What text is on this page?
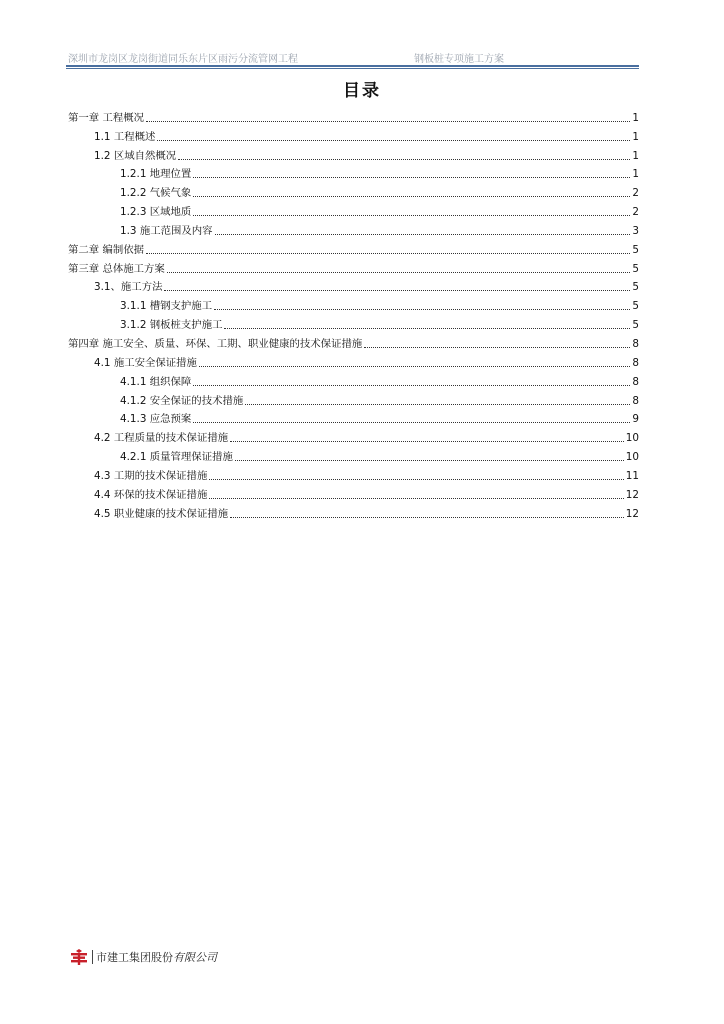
深圳市龙岗区龙岗街道同乐东片区雨污分流管网工程	钢板桩专项施工方案
目录
第一章 工程概况	1
1.1 工程概述	1
1.2 区域自然概况	1
1.2.1 地理位置	1
1.2.2 气候气象	2
1.2.3 区域地质	2
1.3 施工范围及内容	3
第二章 编制依据	5
第三章 总体施工方案	5
3.1、施工方法	5
3.1.1 槽钢支护施工	5
3.1.2 钢板桩支护施工	5
第四章 施工安全、质量、环保、工期、职业健康的技术保证措施	8
4.1 施工安全保证措施	8
4.1.1 组织保障	8
4.1.2 安全保证的技术措施	8
4.1.3 应急预案	9
4.2 工程质量的技术保证措施	10
4.2.1 质量管理保证措施	10
4.3 工期的技术保证措施	11
4.4 环保的技术保证措施	12
4.5 职业健康的技术保证措施	12
市建工集团股份有限公司
